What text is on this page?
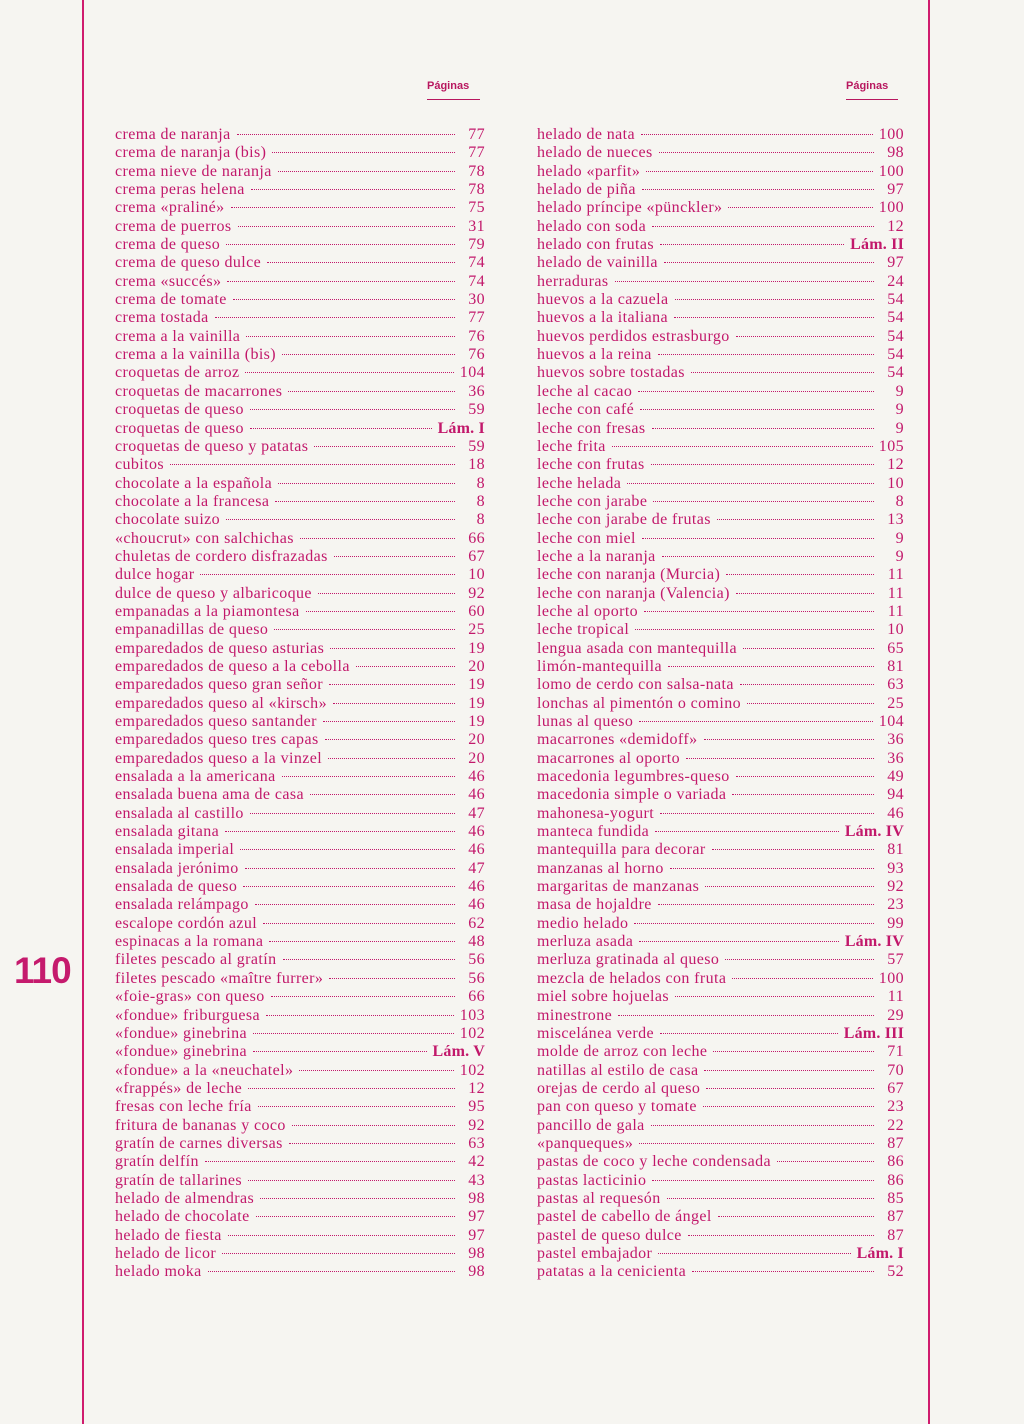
110
Páginas	Páginas
crema de naranja	77
crema de naranja (bis)	77
crema nieve de naranja	78
crema peras helena	78
crema «praliné»	75
crema de puerros	31
crema de queso	79
crema de queso dulce	74
crema «succés»	74
crema de tomate	30
crema tostada	77
crema a la vainilla	76
crema a la vainilla (bis)	76
croquetas de arroz	104
croquetas de macarrones	36
croquetas de queso	59
croquetas de queso	Lám. I
croquetas de queso y patatas	59
cubitos	18
chocolate a la española	8
chocolate a la francesa	8
chocolate suizo	8
«choucrut» con salchichas	66
chuletas de cordero disfrazadas	67
dulce hogar	10
dulce de queso y albaricoque	92
empanadas a la piamontesa	60
empanadillas de queso	25
emparedados de queso asturias	19
emparedados de queso a la cebolla	20
emparedados queso gran señor	19
emparedados queso al «kirsch»	19
emparedados queso santander	19
emparedados queso tres capas	20
emparedados queso a la vinzel	20
ensalada a la americana	46
ensalada buena ama de casa	46
ensalada al castillo	47
ensalada gitana	46
ensalada imperial	46
ensalada jerónimo	47
ensalada de queso	46
ensalada relámpago	46
escalope cordón azul	62
espinacas a la romana	48
filetes pescado al gratín	56
filetes pescado «maître furrer»	56
«foie-gras» con queso	66
«fondue» friburguesa	103
«fondue» ginebrina	102
«fondue» ginebrina	Lám. V
«fondue» a la «neuchatel»	102
«frappés» de leche	12
fresas con leche fría	95
fritura de bananas y coco	92
gratín de carnes diversas	63
gratín delfín	42
gratín de tallarines	43
helado de almendras	98
helado de chocolate	97
helado de fiesta	97
helado de licor	98
helado moka	98
helado de nata	100
helado de nueces	98
helado «parfit»	100
helado de piña	97
helado príncipe «pünckler»	100
helado con soda	12
helado con frutas	Lám. II
helado de vainilla	97
herraduras	24
huevos a la cazuela	54
huevos a la italiana	54
huevos perdidos estrasburgo	54
huevos a la reina	54
huevos sobre tostadas	54
leche al cacao	9
leche con café	9
leche con fresas	9
leche frita	105
leche con frutas	12
leche helada	10
leche con jarabe	8
leche con jarabe de frutas	13
leche con miel	9
leche a la naranja	9
leche con naranja (Murcia)	11
leche con naranja (Valencia)	11
leche al oporto	11
leche tropical	10
lengua asada con mantequilla	65
limón-mantequilla	81
lomo de cerdo con salsa-nata	63
lonchas al pimentón o comino	25
lunas al queso	104
macarrones «demidoff»	36
macarrones al oporto	36
macedonia legumbres-queso	49
macedonia simple o variada	94
mahonesa-yogurt	46
manteca fundida	Lám. IV
mantequilla para decorar	81
manzanas al horno	93
margaritas de manzanas	92
masa de hojaldre	23
medio helado	99
merluza asada	Lám. IV
merluza gratinada al queso	57
mezcla de helados con fruta	100
miel sobre hojuelas	11
minestrone	29
miscelánea verde	Lám. III
molde de arroz con leche	71
natillas al estilo de casa	70
orejas de cerdo al queso	67
pan con queso y tomate	23
pancillo de gala	22
«panqueques»	87
pastas de coco y leche condensada	86
pastas lacticinio	86
pastas al requesón	85
pastel de cabello de ángel	87
pastel de queso dulce	87
pastel embajador	Lám. I
patatas a la cenicienta	52
